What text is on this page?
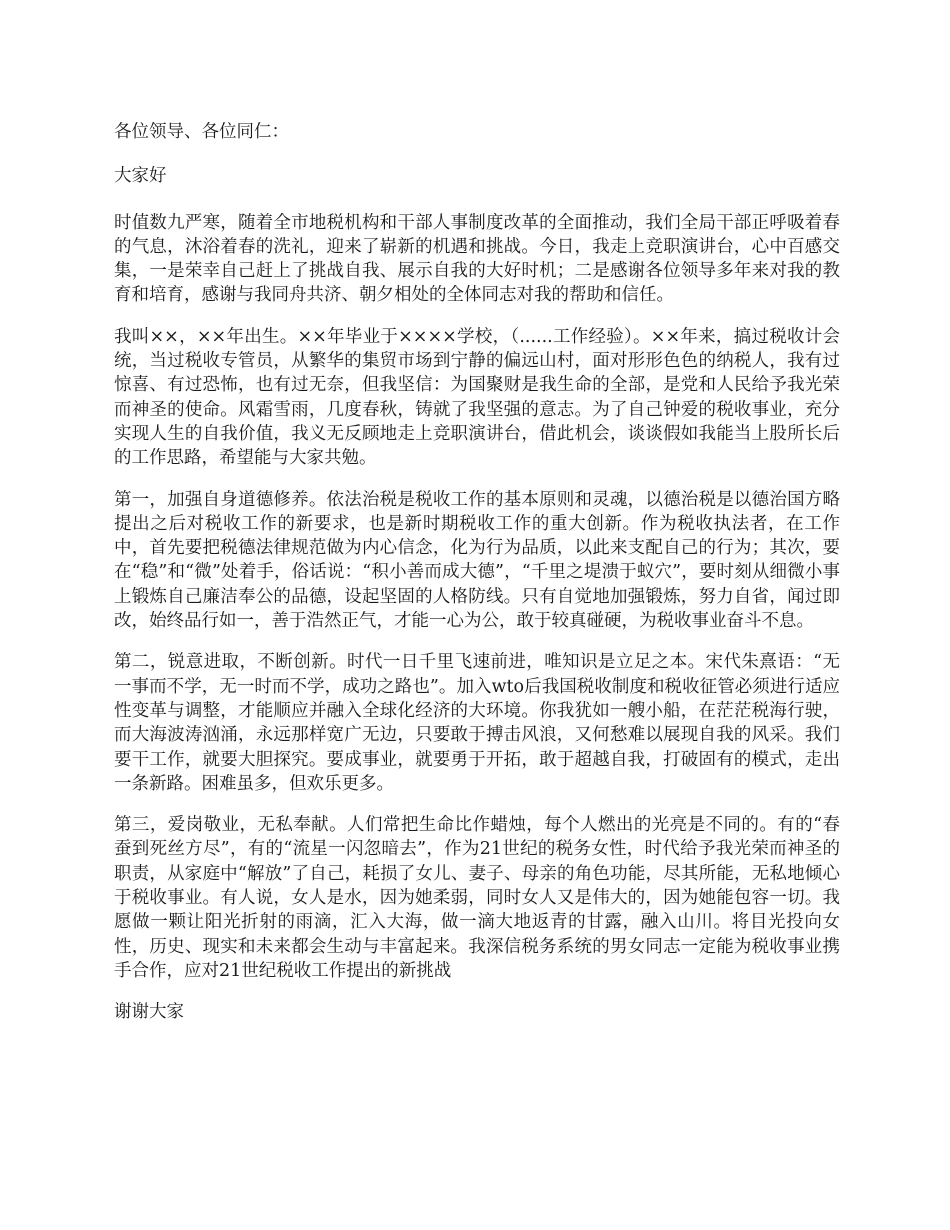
各位领导、各位同仁：

大家好

时值数九严寒，随着全市地税机构和干部人事制度改革的全面推动，我们全局干部正呼吸着春的气息，沐浴着春的洗礼，迎来了崭新的机遇和挑战。今日，我走上竞职演讲台，心中百感交集，一是荣幸自己赶上了挑战自我、展示自我的大好时机；二是感谢各位领导多年来对我的教育和培育，感谢与我同舟共济、朝夕相处的全体同志对我的帮助和信任。

我叫××，××年出生。××年毕业于××××学校，（......工作经验）。××年来，搞过税收计会统，当过税收专管员，从繁华的集贸市场到宁静的偏远山村，面对形形色色的纳税人，我有过惊喜、有过恐怖，也有过无奈，但我坚信：为国聚财是我生命的全部，是党和人民给予我光荣而神圣的使命。风霜雪雨，几度春秋，铸就了我坚强的意志。为了自己钟爱的税收事业，充分实现人生的自我价值，我义无反顾地走上竞职演讲台，借此机会，谈谈假如我能当上股所长后的工作思路，希望能与大家共勉。

第一，加强自身道德修养。依法治税是税收工作的基本原则和灵魂，以德治税是以德治国方略提出之后对税收工作的新要求，也是新时期税收工作的重大创新。作为税收执法者，在工作中，首先要把税德法律规范做为内心信念，化为行为品质，以此来支配自己的行为；其次，要在“稳”和“微”处着手，俗话说：“积小善而成大德”，“千里之堤溃于蚁穴”，要时刻从细微小事上锻炼自己廉洁奉公的品德，设起坚固的人格防线。只有自觉地加强锻炼，努力自省，闻过即改，始终品行如一，善于浩然正气，才能一心为公，敢于较真碰硬，为税收事业奋斗不息。

第二，锐意进取，不断创新。时代一日千里飞速前进，唯知识是立足之本。宋代朱熹语：“无一事而不学，无一时而不学，成功之路也”。加入wto后我国税收制度和税收征管必须进行适应性变革与调整，才能顺应并融入全球化经济的大环境。你我犹如一艘小船，在茫茫税海行驶，而大海波涛汹涌，永远那样宽广无边，只要敢于搏击风浪，又何愁难以展现自我的风采。我们要干工作，就要大胆探究。要成事业，就要勇于开拓，敢于超越自我，打破固有的模式，走出一条新路。困难虽多，但欢乐更多。

第三，爱岗敬业，无私奉献。人们常把生命比作蜡烛，每个人燃出的光亮是不同的。有的“春蚕到死丝方尽”，有的“流星一闪忽暗去”，作为21世纪的税务女性，时代给予我光荣而神圣的职责，从家庭中“解放”了自己，耗损了女儿、妻子、母亲的角色功能，尽其所能，无私地倾心于税收事业。有人说，女人是水，因为她柔弱，同时女人又是伟大的，因为她能包容一切。我愿做一颗让阳光折射的雨滴，汇入大海，做一滴大地返青的甘露，融入山川。将目光投向女性，历史、现实和未来都会生动与丰富起来。我深信税务系统的男女同志一定能为税收事业携手合作，应对21世纪税收工作提出的新挑战

谢谢大家
